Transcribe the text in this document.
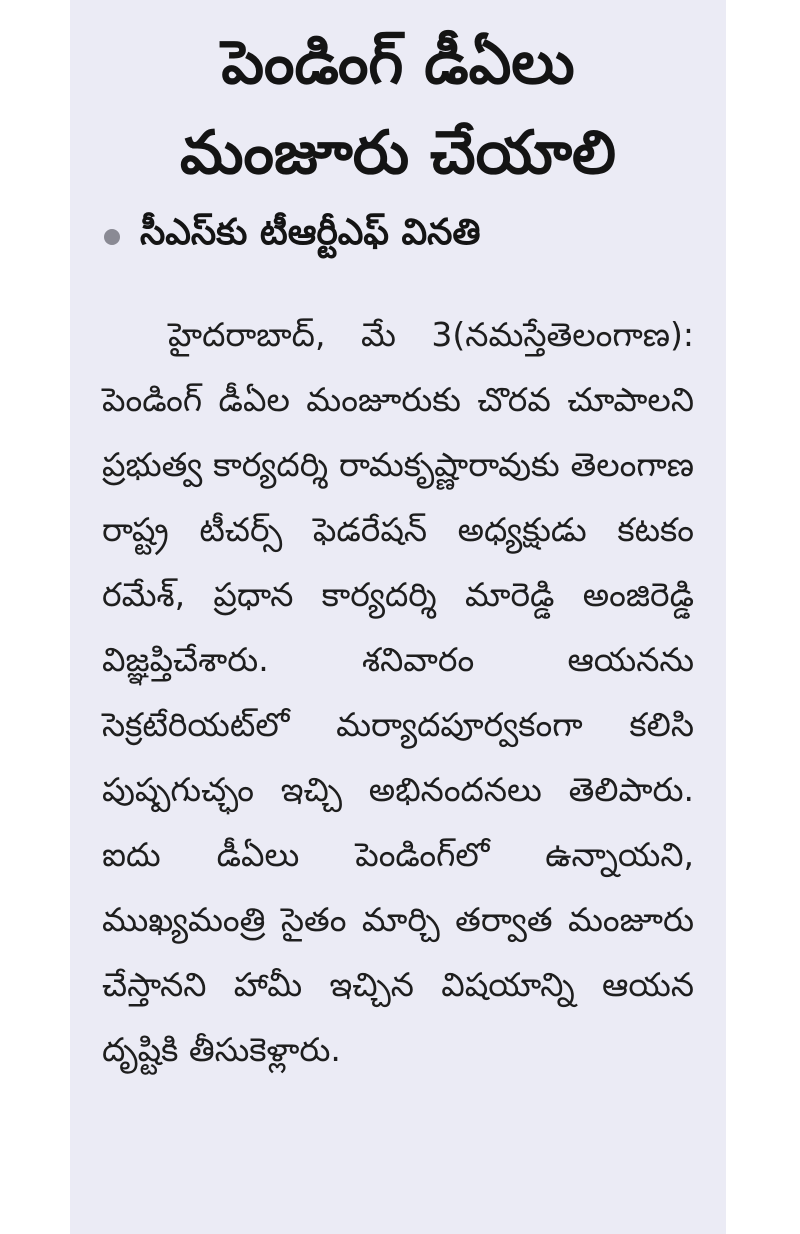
పెండింగ్ డీఏలు
మంజూరు చేయాలి
సీఎస్‌కు టీఆర్టీఎఫ్ వినతి

హైదరాబాద్, మే 3(నమస్తేతెలంగాణ): పెండింగ్ డీఏల మంజూరుకు చొరవ చూపాలని ప్రభుత్వ కార్యదర్శి రామకృష్ణారావుకు తెలంగాణ రాష్ట్ర టీచర్స్ ఫెడరేషన్ అధ్యక్షుడు కటకం రమేశ్, ప్రధాన కార్యదర్శి మారెడ్డి అంజిరెడ్డి విజ్ఞప్తిచేశారు. శనివారం ఆయనను సెక్రటేరియట్‌లో మర్యాదపూర్వకంగా కలిసి పుష్పగుచ్ఛం ఇచ్చి అభినందనలు తెలిపారు. ఐదు డీఏలు పెండింగ్‌లో ఉన్నాయని, ముఖ్యమంత్రి సైతం మార్చి తర్వాత మంజూరు చేస్తానని హామీ ఇచ్చిన విషయాన్ని ఆయన దృష్టికి తీసుకెళ్లారు.
